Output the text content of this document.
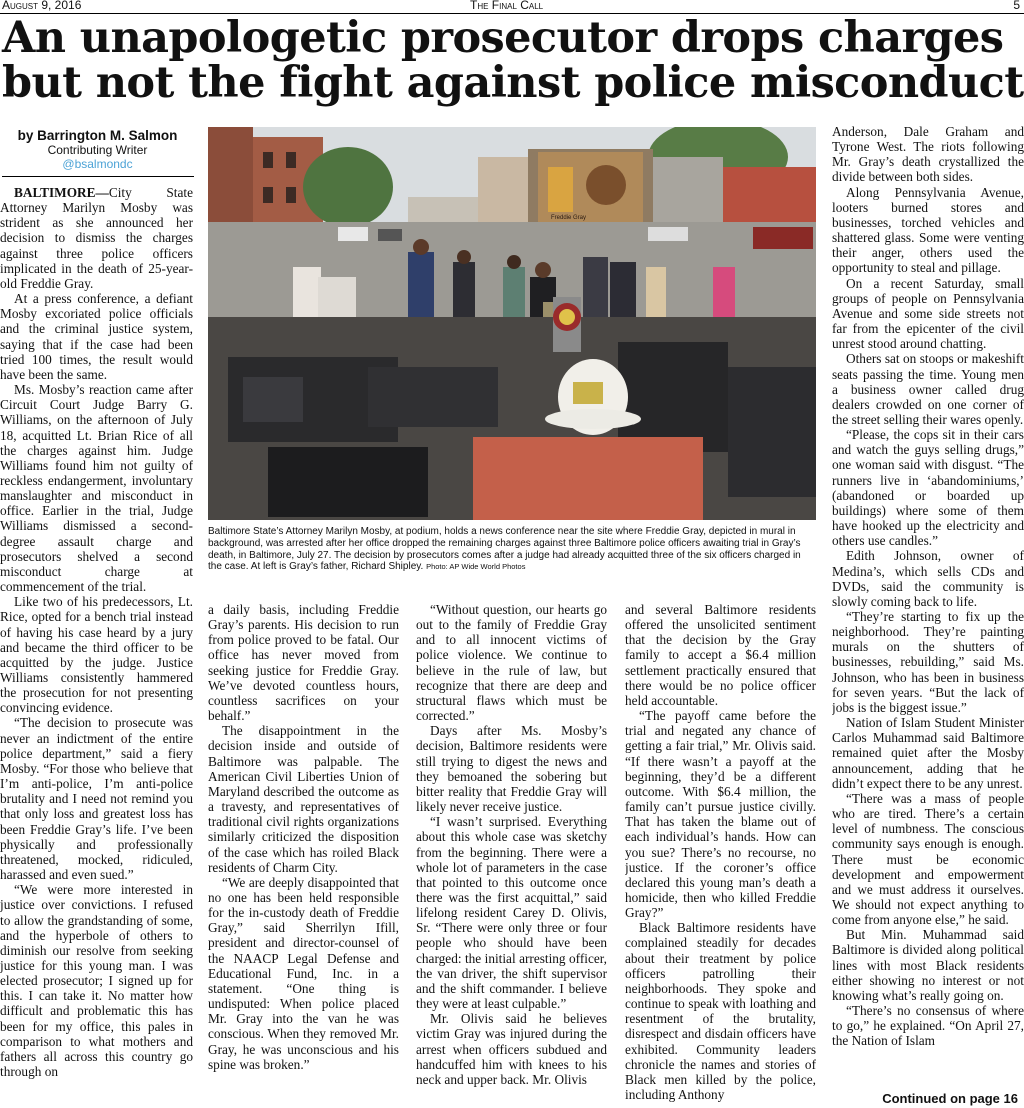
August 9, 2016	The Final Call	5
An unapologetic prosecutor drops charges
but not the fight against police misconduct
by Barrington M. Salmon
Contributing Writer
@bsalmondc

BALTIMORE—City State Attorney Marilyn Mosby was strident as she announced her decision to dismiss the charges against three police officers implicated in the death of 25-year-old Freddie Gray.

At a press conference, a defiant Mosby excoriated police officials and the criminal justice system, saying that if the case had been tried 100 times, the result would have been the same.

Ms. Mosby’s reaction came after Circuit Court Judge Barry G. Williams, on the afternoon of July 18, acquitted Lt. Brian Rice of all the charges against him. Judge Williams found him not guilty of reckless endangerment, involuntary manslaughter and misconduct in office. Earlier in the trial, Judge Williams dismissed a second-degree assault charge and prosecutors shelved a second misconduct charge at commencement of the trial.

Like two of his predecessors, Lt. Rice, opted for a bench trial instead of having his case heard by a jury and became the third officer to be acquitted by the judge. Justice Williams consistently hammered the prosecution for not presenting convincing evidence.

“The decision to prosecute was never an indictment of the entire police department,” said a fiery Mosby. “For those who believe that I’m anti-police, I’m anti-police brutality and I need not remind you that only loss and greatest loss has been Freddie Gray’s life. I’ve been physically and professionally threatened, mocked, ridiculed, harassed and even sued.”

“We were more interested in justice over convictions. I refused to allow the grandstanding of some, and the hyperbole of others to diminish our resolve from seeking justice for this young man. I was elected prosecutor; I signed up for this. I can take it. No matter how difficult and problematic this has been for my office, this pales in comparison to what mothers and fathers all across this country go through on

Freddie Gray
Baltimore State’s Attorney Marilyn Mosby, at podium, holds a news conference near the site where Freddie Gray, depicted in mural in background, was arrested after her office dropped the remaining charges against three Baltimore police officers awaiting trial in Gray’s death, in Baltimore, July 27. The decision by prosecutors comes after a judge had already acquitted three of the six officers charged in the case. At left is Gray’s father, Richard Shipley. Photo: AP Wide World Photos

a daily basis, including Freddie Gray’s parents. His decision to run from police proved to be fatal. Our office has never moved from seeking justice for Freddie Gray. We’ve devoted countless hours, countless sacrifices on your behalf.”

The disappointment in the decision inside and outside of Baltimore was palpable. The American Civil Liberties Union of Maryland described the outcome as a travesty, and representatives of traditional civil rights organizations similarly criticized the disposition of the case which has roiled Black residents of Charm City.

“We are deeply disappointed that no one has been held responsible for the in-custody death of Freddie Gray,” said Sherrilyn Ifill, president and director-counsel of the NAACP Legal Defense and Educational Fund, Inc. in a statement. “One thing is undisputed: When police placed Mr. Gray into the van he was conscious. When they removed Mr. Gray, he was unconscious and his spine was broken.”

“Without question, our hearts go out to the family of Freddie Gray and to all innocent victims of police violence. We continue to believe in the rule of law, but recognize that there are deep and structural flaws which must be corrected.”

Days after Ms. Mosby’s decision, Baltimore residents were still trying to digest the news and they bemoaned the sobering but bitter reality that Freddie Gray will likely never receive justice.

“I wasn’t surprised. Everything about this whole case was sketchy from the beginning. There were a whole lot of parameters in the case that pointed to this outcome once there was the first acquittal,” said lifelong resident Carey D. Olivis, Sr. “There were only three or four people who should have been charged: the initial arresting officer, the van driver, the shift supervisor and the shift commander. I believe they were at least culpable.”

Mr. Olivis said he believes victim Gray was injured during the arrest when officers subdued and handcuffed him with knees to his neck and upper back. Mr. Olivis

and several Baltimore residents offered the unsolicited sentiment that the decision by the Gray family to accept a $6.4 million settlement practically ensured that there would be no police officer held accountable.

“The payoff came before the trial and negated any chance of getting a fair trial,” Mr. Olivis said. “If there wasn’t a payoff at the beginning, they’d be a different outcome. With $6.4 million, the family can’t pursue justice civilly. That has taken the blame out of each individual’s hands. How can you sue? There’s no recourse, no justice. If the coroner’s office declared this young man’s death a homicide, then who killed Freddie Gray?”

Black Baltimore residents have complained steadily for decades about their treatment by police officers patrolling their neighborhoods. They spoke and continue to speak with loathing and resentment of the brutality, disrespect and disdain officers have exhibited. Community leaders chronicle the names and stories of Black men killed by the police, including Anthony

Anderson, Dale Graham and Tyrone West. The riots following Mr. Gray’s death crystallized the divide between both sides.

Along Pennsylvania Avenue, looters burned stores and businesses, torched vehicles and shattered glass. Some were venting their anger, others used the opportunity to steal and pillage.

On a recent Saturday, small groups of people on Pennsylvania Avenue and some side streets not far from the epicenter of the civil unrest stood around chatting.

Others sat on stoops or makeshift seats passing the time. Young men a business owner called drug dealers crowded on one corner of the street selling their wares openly.

“Please, the cops sit in their cars and watch the guys selling drugs,” one woman said with disgust. “The runners live in ‘abandominiums,’ (abandoned or boarded up buildings) where some of them have hooked up the electricity and others use candles.”

Edith Johnson, owner of Medina’s, which sells CDs and DVDs, said the community is slowly coming back to life.

“They’re starting to fix up the neighborhood. They’re painting murals on the shutters of businesses, rebuilding,” said Ms. Johnson, who has been in business for seven years. “But the lack of jobs is the biggest issue.”

Nation of Islam Student Minister Carlos Muhammad said Baltimore remained quiet after the Mosby announcement, adding that he didn’t expect there to be any unrest.

“There was a mass of people who are tired. There’s a certain level of numbness. The conscious community says enough is enough. There must be economic development and empowerment and we must address it ourselves. We should not expect anything to come from anyone else,” he said.

But Min. Muhammad said Baltimore is divided along political lines with most Black residents either showing no interest or not knowing what’s really going on.

“There’s no consensus of where to go,” he explained. “On April 27, the Nation of Islam

Continued on page 16
